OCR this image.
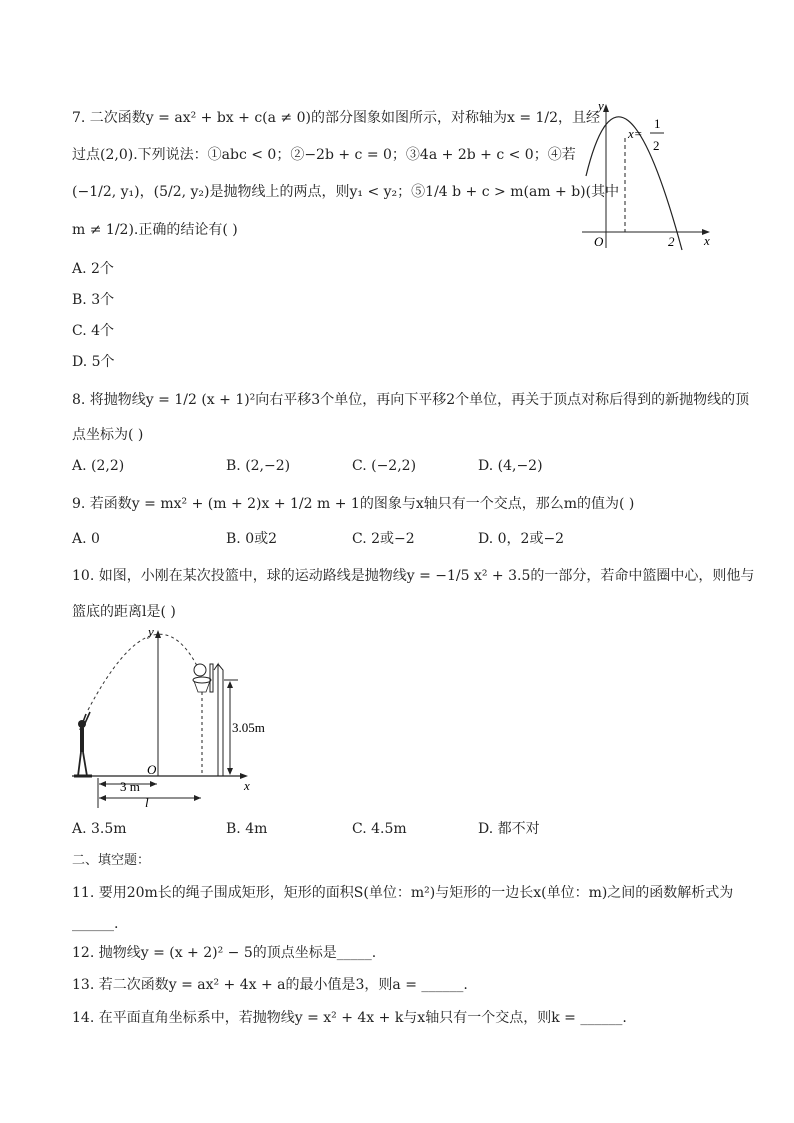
7. 二次函数y = ax² + bx + c(a ≠ 0)的部分图象如图所示，对称轴为x = 1/2，且经
过点(2,0).下列说法：①abc < 0；②−2b + c = 0；③4a + 2b + c < 0；④若
(−1/2, y₁)，(5/2, y₂)是抛物线上的两点，则y₁ < y₂；⑤1/4 b + c > m(am + b)(其中
m ≠ 1/2).正确的结论有( )
A. 2个
B. 3个
C. 4个
D. 5个
y
x
O	2
x=
1
2
8. 将抛物线y = 1/2 (x + 1)²向右平移3个单位，再向下平移2个单位，再关于顶点对称后得到的新抛物线的顶
点坐标为( )
A. (2,2)	B. (2,−2)	C. (−2,2)	D. (4,−2)
9. 若函数y = mx² + (m + 2)x + 1/2 m + 1的图象与x轴只有一个交点，那么m的值为( )
A. 0	B. 0或2	C. 2或−2	D. 0，2或−2
10. 如图，小刚在某次投篮中，球的运动路线是抛物线y = −1/5 x² + 3.5的一部分，若命中篮圈中心，则他与
篮底的距离l是( )
y
x
O
3.05m
3 m
l
A. 3.5m	B. 4m	C. 4.5m	D. 都不对
二、填空题：
11. 要用20m长的绳子围成矩形，矩形的面积S(单位：m²)与矩形的一边长x(单位：m)之间的函数解析式为
______.
12. 抛物线y = (x + 2)² − 5的顶点坐标是_____.
13. 若二次函数y = ax² + 4x + a的最小值是3，则a = ______.
14. 在平面直角坐标系中，若抛物线y = x² + 4x + k与x轴只有一个交点，则k = ______.
